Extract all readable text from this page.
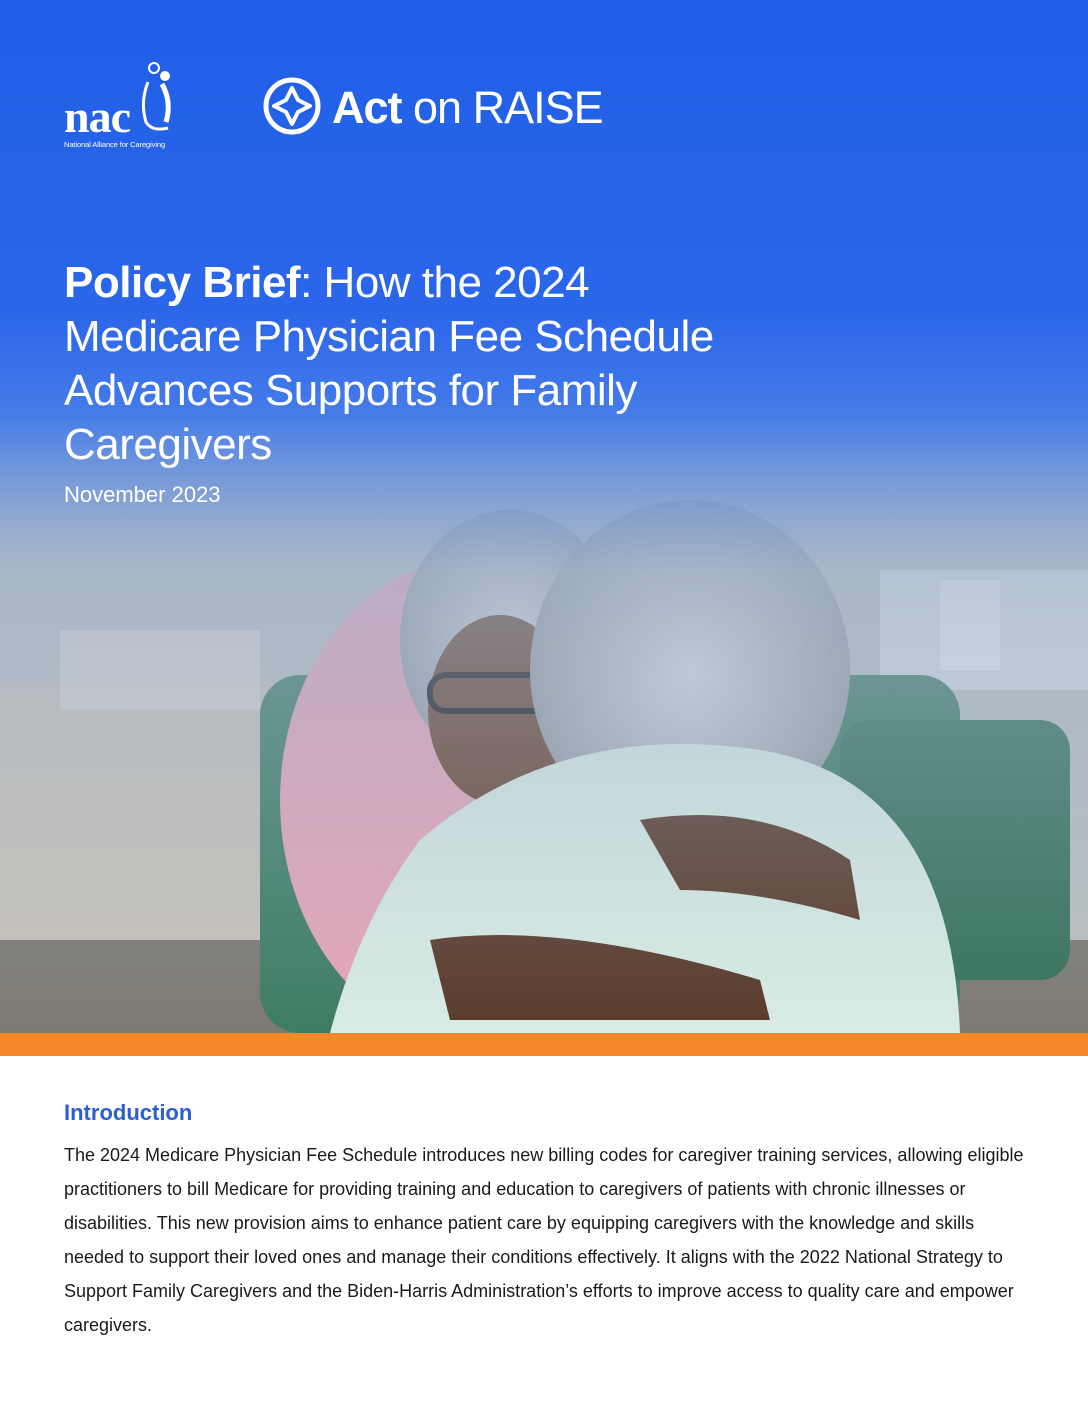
nac
National Alliance for Caregiving
Act on RAISE
Policy Brief: How the 2024 Medicare Physician Fee Schedule Advances Supports for Family Caregivers
November 2023
Introduction

The 2024 Medicare Physician Fee Schedule introduces new billing codes for caregiver training services, allowing eligible practitioners to bill Medicare for providing training and education to caregivers of patients with chronic illnesses or disabilities. This new provision aims to enhance patient care by equipping caregivers with the knowledge and skills needed to support their loved ones and manage their conditions effectively. It aligns with the 2022 National Strategy to Support Family Caregivers and the Biden-Harris Administration’s efforts to improve access to quality care and empower caregivers.
